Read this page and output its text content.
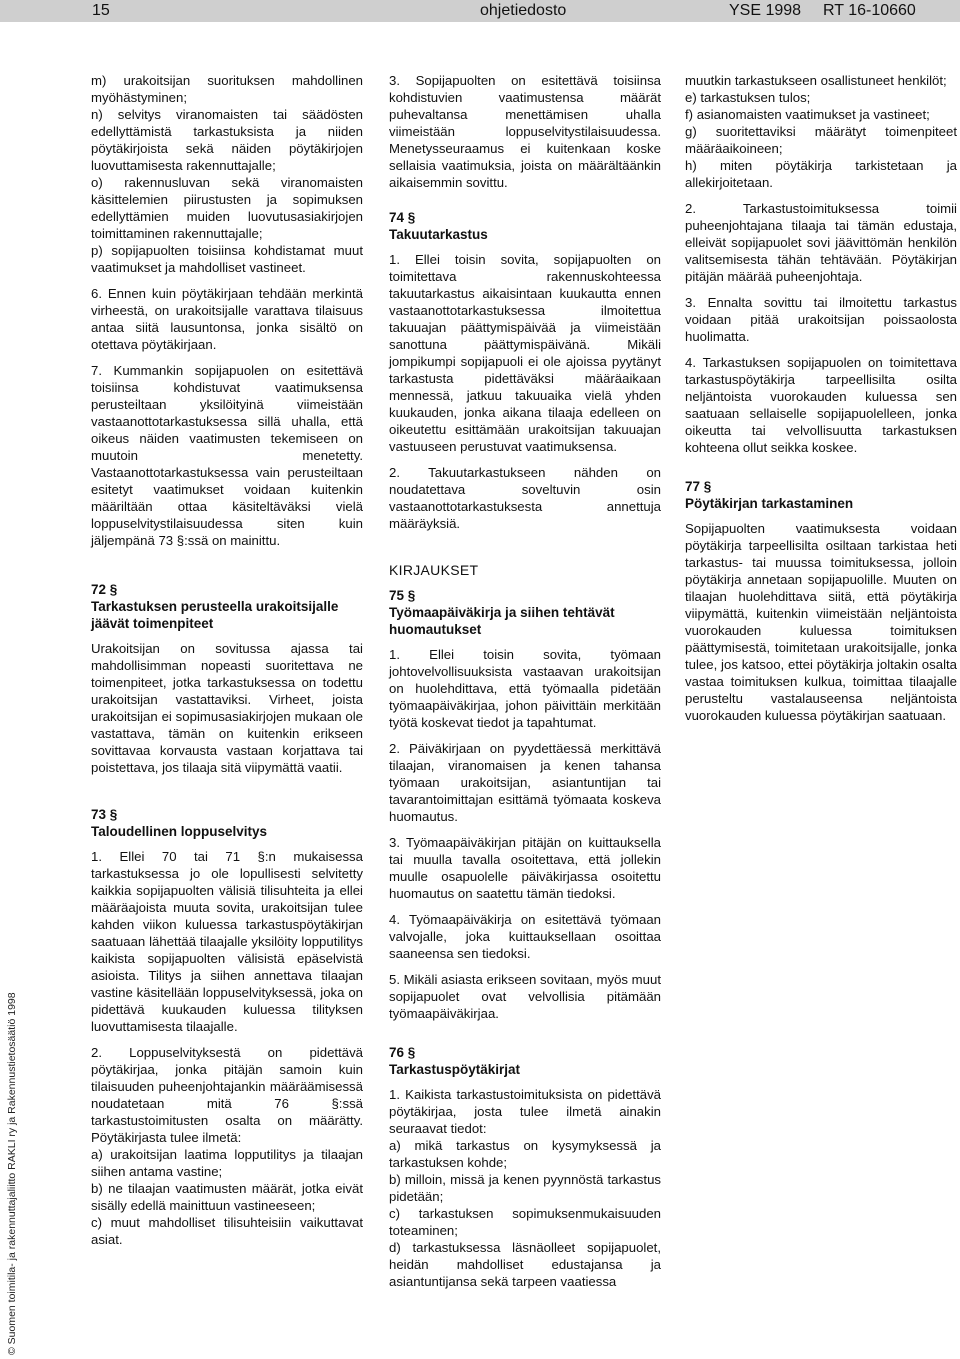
15	ohjetiedosto	YSE 1998 RT 16-10660
© Suomen toimitila- ja rakennuttajaliitto RAKLI ry ja Rakennustietosäätiö 1998

m) urakoitsijan suorituksen mahdollinen myöhästyminen;
n) selvitys viranomaisten tai säädösten edellyttämistä tarkastuksista ja niiden pöytäkirjoista sekä näiden pöytäkirjojen luovuttamisesta rakennuttajalle;
o) rakennusluvan sekä viranomaisten käsittelemien piirustusten ja sopimuksen edellyttämien muiden luovutusasiakirjojen toimittaminen rakennuttajalle;
p) sopijapuolten toisiinsa kohdistamat muut vaatimukset ja mahdolliset vastineet.

6. Ennen kuin pöytäkirjaan tehdään merkintä virheestä, on urakoitsijalle varattava tilaisuus antaa siitä lausuntonsa, jonka sisältö on otettava pöytäkirjaan.

7. Kummankin sopijapuolen on esitettävä toisiinsa kohdistuvat vaatimuksensa perusteiltaan yksilöityinä viimeistään vastaanottotarkastuksessa sillä uhalla, että oikeus näiden vaatimusten tekemiseen on muutoin menetetty. Vastaanottotarkastuksessa vain perusteiltaan esitetyt vaatimukset voidaan kuitenkin määriltään ottaa käsiteltäväksi vielä loppuselvitystilaisuudessa siten kuin jäljempänä 73 §:ssä on mainittu.

72 §
Tarkastuksen perusteella urakoitsijalle jäävät toimenpiteet

Urakoitsijan on sovitussa ajassa tai mahdollisimman nopeasti suoritettava ne toimenpiteet, jotka tarkastuksessa on todettu urakoitsijan vastattaviksi. Virheet, joista urakoitsijan ei sopimusasiakirjojen mukaan ole vastattava, tämän on kuitenkin erikseen sovittavaa korvausta vastaan korjattava tai poistettava, jos tilaaja sitä viipymättä vaatii.

73 §
Taloudellinen loppuselvitys

1. Ellei 70 tai 71 §:n mukaisessa tarkastuksessa jo ole lopullisesti selvitetty kaikkia sopijapuolten välisiä tilisuhteita ja ellei määräajoista muuta sovita, urakoitsijan tulee kahden viikon kuluessa tarkastuspöytäkirjan saatuaan lähettää tilaajalle yksilöity lopputilitys kaikista sopijapuolten välisistä epäselvistä asioista. Tilitys ja siihen annettava tilaajan vastine käsitellään loppuselvityksessä, joka on pidettävä kuukauden kuluessa tilityksen luovuttamisesta tilaajalle.

2. Loppuselvityksestä on pidettävä pöytäkirjaa, jonka pitäjän samoin kuin tilaisuuden puheenjohtajankin määräämisessä noudatetaan mitä 76 §:ssä tarkastustoimitusten osalta on määrätty. Pöytäkirjasta tulee ilmetä:

a) urakoitsijan laatima lopputilitys ja tilaajan siihen antama vastine;
b) ne tilaajan vaatimusten määrät, jotka eivät sisälly edellä mainittuun vastineeseen;
c) muut mahdolliset tilisuhteisiin vaikuttavat asiat.

3. Sopijapuolten on esitettävä toisiinsa kohdistuvien vaatimustensa määrät puhevaltansa menettämisen uhalla viimeistään loppuselvitystilaisuudessa. Menetysseuraamus ei kuitenkaan koske sellaisia vaatimuksia, joista on määrältäänkin aikaisemmin sovittu.

74 §
Takuutarkastus

1. Ellei toisin sovita, sopijapuolten on toimitettava rakennuskohteessa takuutarkastus aikaisintaan kuukautta ennen vastaanottotarkastuksessa ilmoitettua takuuajan päättymispäivää ja viimeistään sanottuna päättymispäivänä. Mikäli jompikumpi sopijapuoli ei ole ajoissa pyytänyt tarkastusta pidettäväksi määräaikaan mennessä, jatkuu takuuaika vielä yhden kuukauden, jonka aikana tilaaja edelleen on oikeutettu esittämään urakoitsijan takuuajan vastuuseen perustuvat vaatimuksensa.

2. Takuutarkastukseen nähden on noudatettava soveltuvin osin vastaanottotarkastuksesta annettuja määräyksiä.

KIRJAUKSET
75 §
Työmaapäiväkirja ja siihen tehtävät huomautukset

1. Ellei toisin sovita, työmaan johtovelvollisuuksista vastaavan urakoitsijan on huolehdittava, että työmaalla pidetään työmaapäiväkirjaa, johon päivittäin merkitään työtä koskevat tiedot ja tapahtumat.

2. Päiväkirjaan on pyydettäessä merkittävä tilaajan, viranomaisen ja kenen tahansa työmaan urakoitsijan, asiantuntijan tai tavarantoimittajan esittämä työmaata koskeva huomautus.

3. Työmaapäiväkirjan pitäjän on kuittauksella tai muulla tavalla osoitettava, että jollekin muulle osapuolelle päiväkirjassa osoitettu huomautus on saatettu tämän tiedoksi.

4. Työmaapäiväkirja on esitettävä työmaan valvojalle, joka kuittauksellaan osoittaa saaneensa sen tiedoksi.

5. Mikäli asiasta erikseen sovitaan, myös muut sopijapuolet ovat velvollisia pitämään työmaapäiväkirjaa.

76 §
Tarkastuspöytäkirjat

1. Kaikista tarkastustoimituksista on pidettävä pöytäkirjaa, josta tulee ilmetä ainakin seuraavat tiedot:

a) mikä tarkastus on kysymyksessä ja tarkastuksen kohde;
b) milloin, missä ja kenen pyynnöstä tarkastus pidetään;
c) tarkastuksen sopimuksenmukaisuuden toteaminen;
d) tarkastuksessa läsnäolleet sopijapuolet, heidän mahdolliset edustajansa ja asiantuntijansa sekä tarpeen vaatiessa

muutkin tarkastukseen osallistuneet henkilöt;
e) tarkastuksen tulos;
f) asianomaisten vaatimukset ja vastineet;
g) suoritettaviksi määrätyt toimenpiteet määräaikoineen;
h) miten pöytäkirja tarkistetaan ja allekirjoitetaan.

2. Tarkastustoimituksessa toimii puheenjohtajana tilaaja tai tämän edustaja, elleivät sopijapuolet sovi jäävittömän henkilön valitsemisesta tähän tehtävään. Pöytäkirjan pitäjän määrää puheenjohtaja.

3. Ennalta sovittu tai ilmoitettu tarkastus voidaan pitää urakoitsijan poissaolosta huolimatta.

4. Tarkastuksen sopijapuolen on toimitettava tarkastuspöytäkirja tarpeellisilta osilta neljäntoista vuorokauden kuluessa sen saatuaan sellaiselle sopijapuolelleen, jonka oikeutta tai velvollisuutta tarkastuksen kohteena ollut seikka koskee.

77 §
Pöytäkirjan tarkastaminen

Sopijapuolten vaatimuksesta voidaan pöytäkirja tarpeellisilta osiltaan tarkistaa heti tarkastus- tai muussa toimituksessa, jolloin pöytäkirja annetaan sopijapuolille. Muuten on tilaajan huolehdittava siitä, että pöytäkirja viipymättä, kuitenkin viimeistään neljäntoista vuorokauden kuluessa toimituksen päättymisestä, toimitetaan urakoitsijalle, jonka tulee, jos katsoo, ettei pöytäkirja joltakin osalta vastaa toimituksen kulkua, toimittaa tilaajalle perusteltu vastalauseensa neljäntoista vuorokauden kuluessa pöytäkirjan saatuaan.
